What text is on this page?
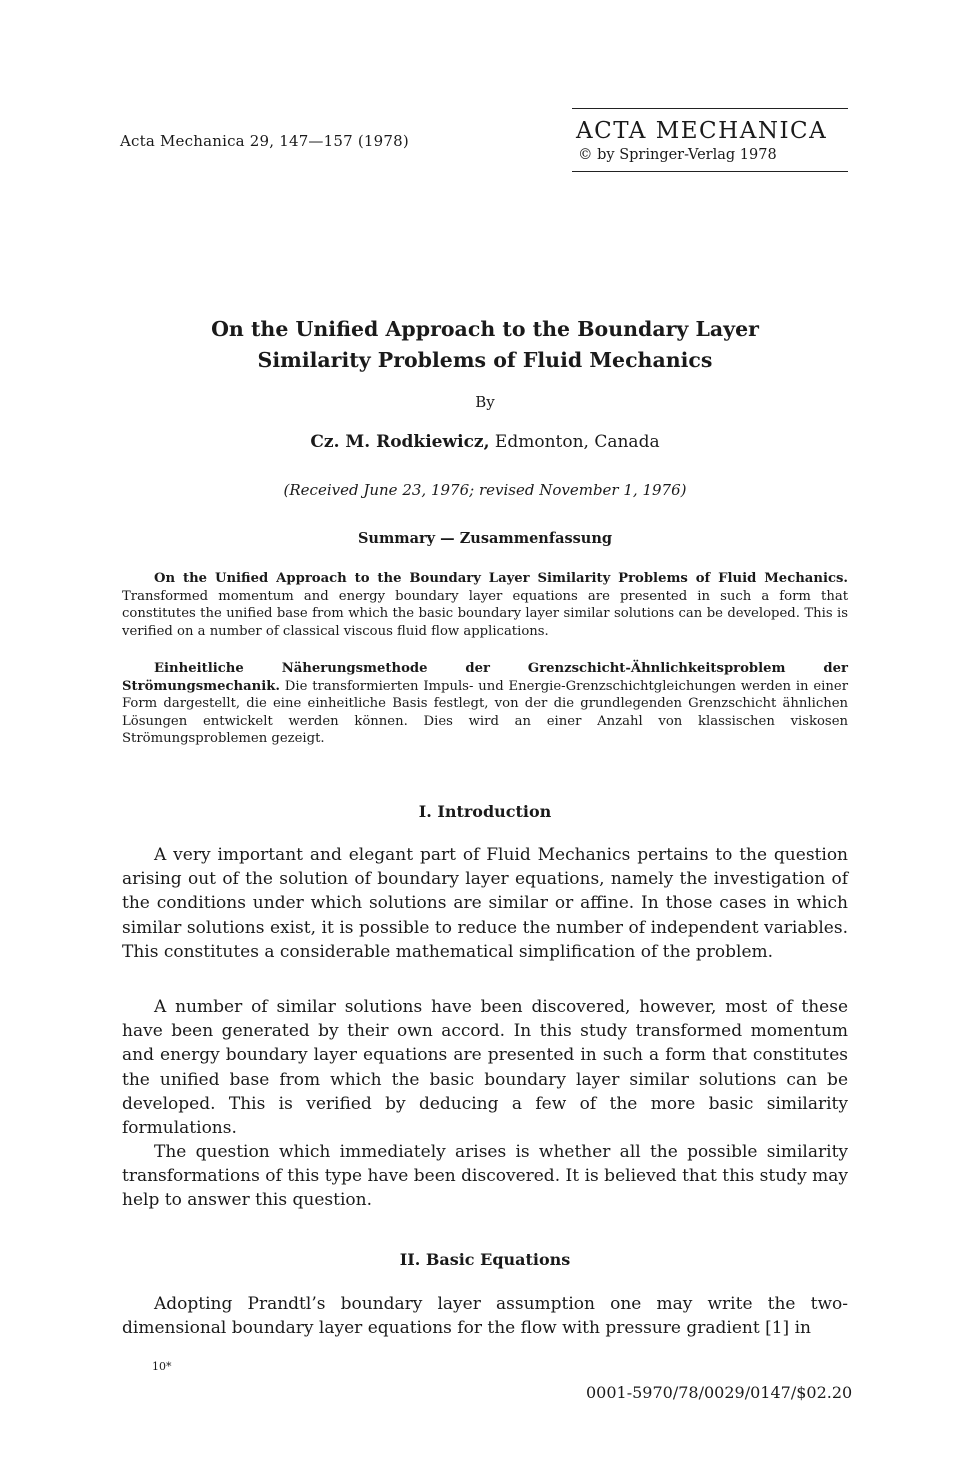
Acta Mechanica 29, 147—157 (1978)	ACTA MECHANICA
© by Springer-Verlag 1978
On the Unified Approach to the Boundary Layer
Similarity Problems of Fluid Mechanics
By
Cz. M. Rodkiewicz, Edmonton, Canada
(Received June 23, 1976; revised November 1, 1976)
Summary — Zusammenfassung
On the Unified Approach to the Boundary Layer Similarity Problems of Fluid Mechanics. Transformed momentum and energy boundary layer equations are presented in such a form that constitutes the unified base from which the basic boundary layer similar solutions can be developed. This is verified on a number of classical viscous fluid flow applications.
Einheitliche Näherungsmethode der Grenzschicht-Ähnlichkeitsproblem der Strömungsmechanik. Die transformierten Impuls- und Energie-Grenzschichtgleichungen werden in einer Form dargestellt, die eine einheitliche Basis festlegt, von der die grundlegenden Grenzschicht ähnlichen Lösungen entwickelt werden können. Dies wird an einer Anzahl von klassischen viskosen Strömungsproblemen gezeigt.
I. Introduction
A very important and elegant part of Fluid Mechanics pertains to the question arising out of the solution of boundary layer equations, namely the investigation of the conditions under which solutions are similar or affine. In those cases in which similar solutions exist, it is possible to reduce the number of independent variables. This constitutes a considerable mathematical simplification of the problem.
A number of similar solutions have been discovered, however, most of these have been generated by their own accord. In this study transformed momentum and energy boundary layer equations are presented in such a form that constitutes the unified base from which the basic boundary layer similar solutions can be developed. This is verified by deducing a few of the more basic similarity formulations.
The question which immediately arises is whether all the possible similarity transformations of this type have been discovered. It is believed that this study may help to answer this question.
II. Basic Equations
Adopting Prandtl’s boundary layer assumption one may write the two-dimensional boundary layer equations for the flow with pressure gradient [1] in
10*
0001-5970/78/0029/0147/$02.20
